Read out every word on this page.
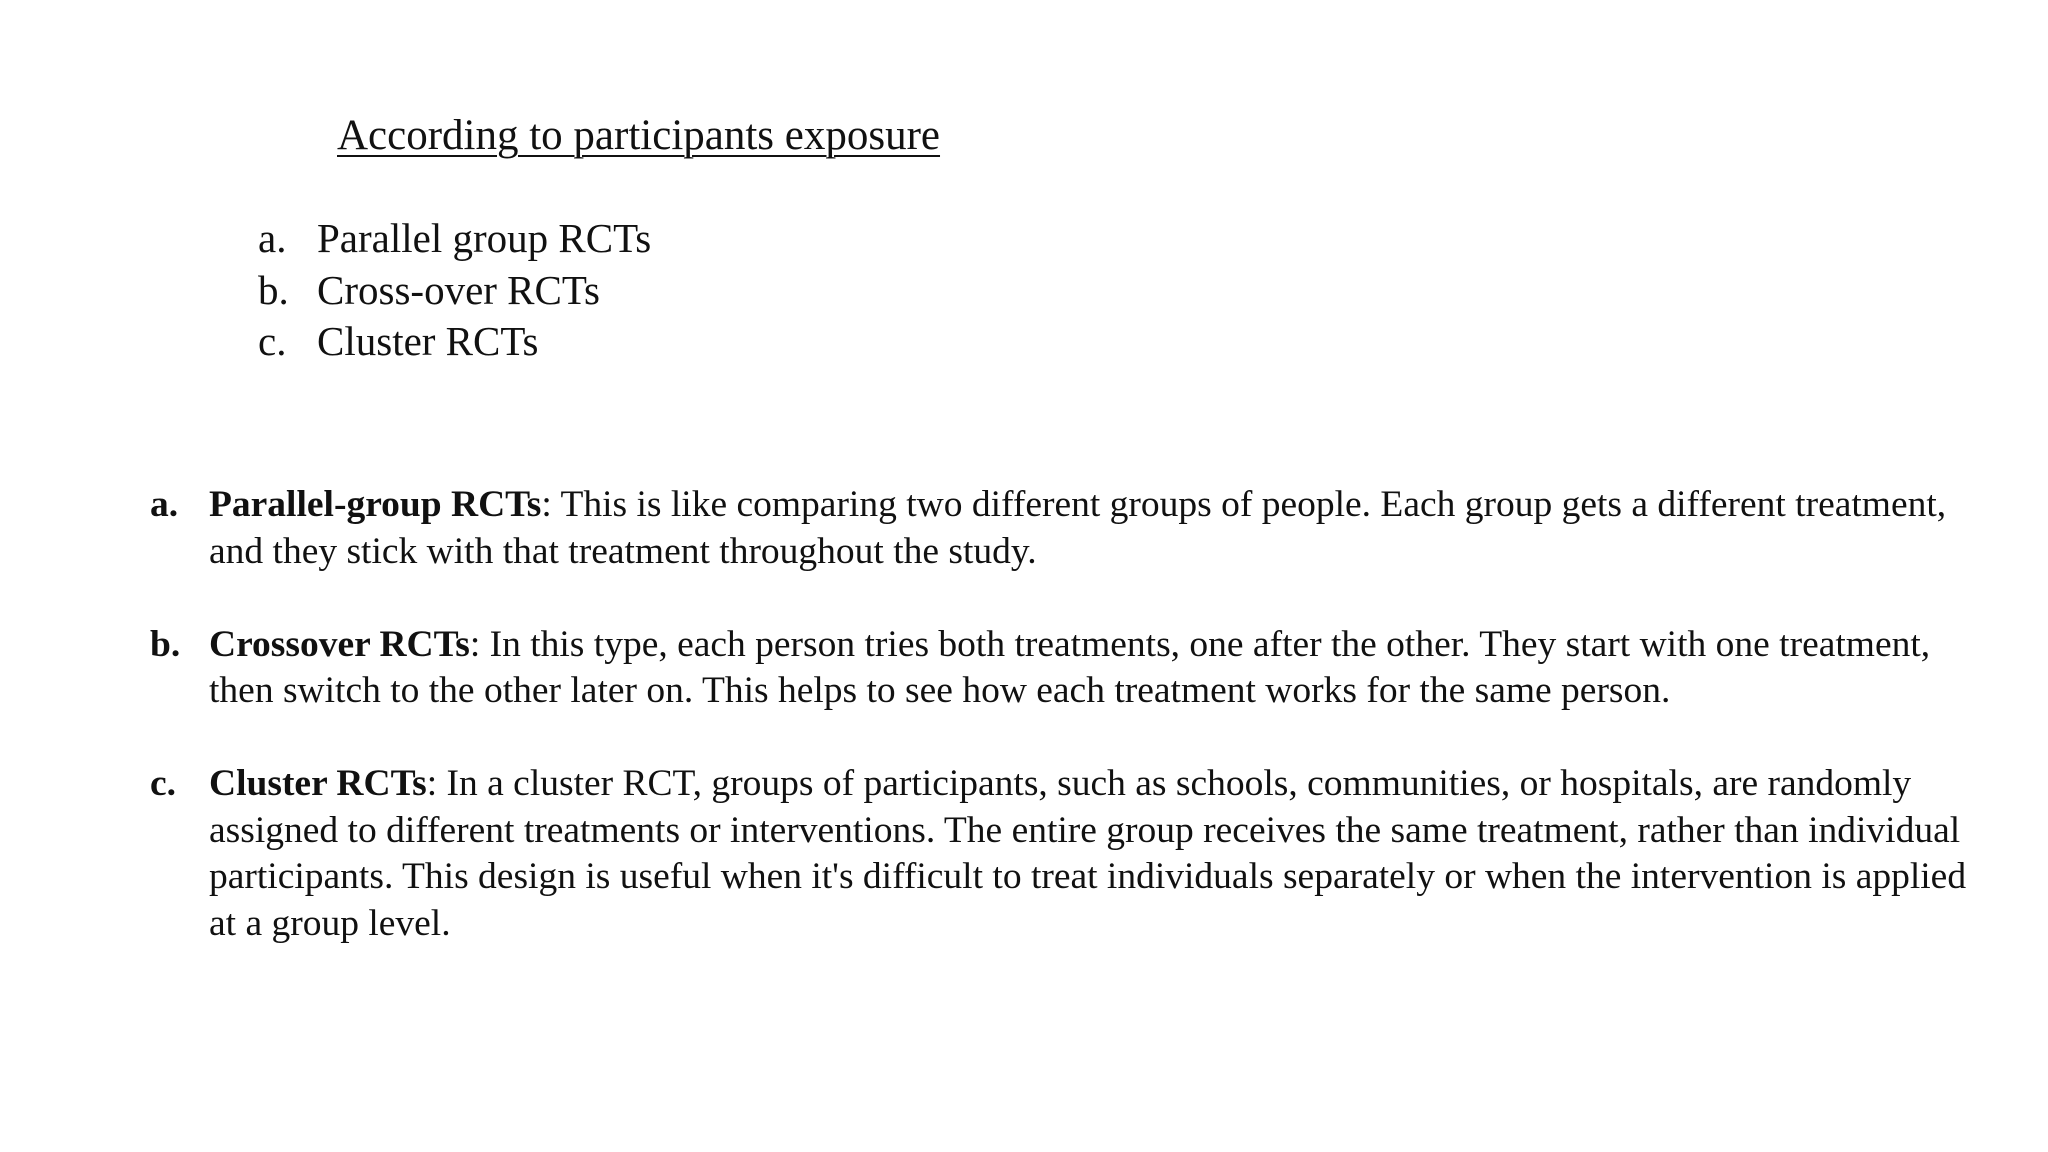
According to participants exposure
a. Parallel group RCTs
b. Cross-over RCTs
c. Cluster RCTs
a. Parallel-group RCTs: This is like comparing two different groups of people. Each group gets a different treatment, and they stick with that treatment throughout the study.
b. Crossover RCTs: In this type, each person tries both treatments, one after the other. They start with one treatment, then switch to the other later on. This helps to see how each treatment works for the same person.
c. Cluster RCTs: In a cluster RCT, groups of participants, such as schools, communities, or hospitals, are randomly assigned to different treatments or interventions. The entire group receives the same treatment, rather than individual participants. This design is useful when it's difficult to treat individuals separately or when the intervention is applied at a group level.
